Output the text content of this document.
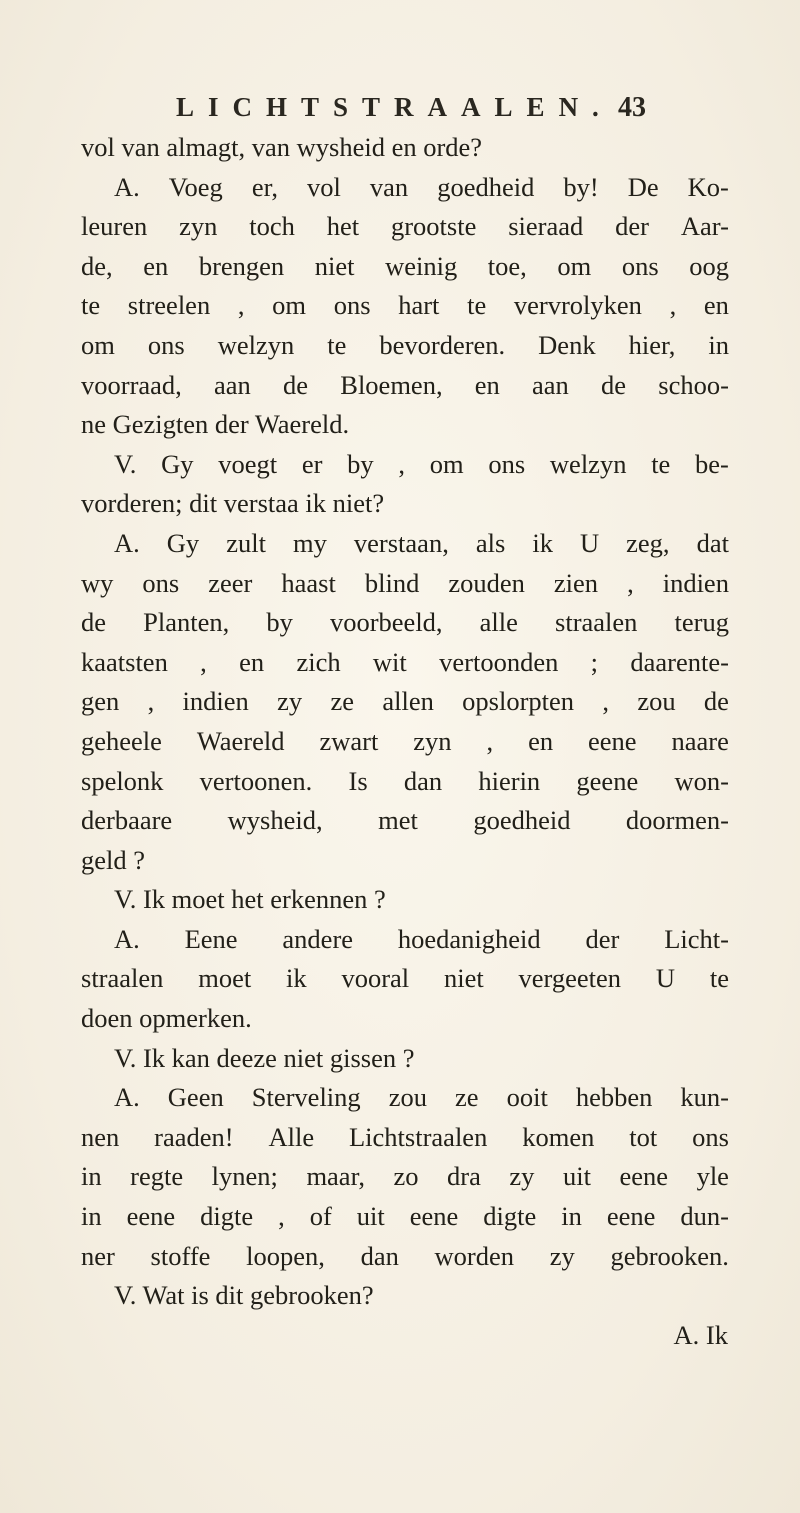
LICHTSTRAALEN. 43
vol van almagt, van wysheid en orde?
A. Voeg er, vol van goedheid by! De Ko-
leuren zyn toch het grootste sieraad der Aar-
de, en brengen niet weinig toe, om ons oog
te streelen , om ons hart te vervrolyken , en
om ons welzyn te bevorderen. Denk hier, in
voorraad, aan de Bloemen, en aan de schoo-
ne Gezigten der Waereld.
V. Gy voegt er by , om ons welzyn te be-
vorderen; dit verstaa ik niet?
A. Gy zult my verstaan, als ik U zeg, dat
wy ons zeer haast blind zouden zien , indien
de Planten, by voorbeeld, alle straalen terug
kaatsten , en zich wit vertoonden ; daarente-
gen , indien zy ze allen opslorpten , zou de
geheele Waereld zwart zyn , en eene naare
spelonk vertoonen. Is dan hierin geene won-
derbaare wysheid, met goedheid doormen-
geld ?
V. Ik moet het erkennen ?
A. Eene andere hoedanigheid der Licht-
straalen moet ik vooral niet vergeeten U te
doen opmerken.
V. Ik kan deeze niet gissen ?
A. Geen Sterveling zou ze ooit hebben kun-
nen raaden! Alle Lichtstraalen komen tot ons
in regte lynen; maar, zo dra zy uit eene yle
in eene digte , of uit eene digte in eene dun-
ner stoffe loopen, dan worden zy gebrooken.
V. Wat is dit gebrooken?
A. Ik
